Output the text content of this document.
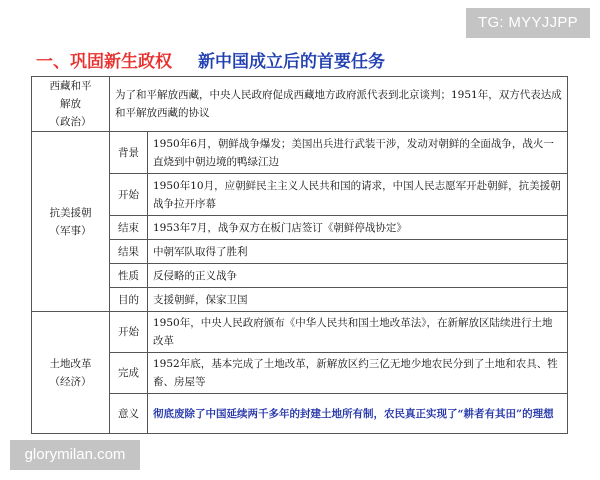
TG: MYYJJPP
一、巩固新生政权 新中国成立后的首要任务
西藏和平
解放
（政治）	为了和平解放西藏，中央人民政府促成西藏地方政府派代表到北京谈判；1951年，双方代表达成和平解放西藏的协议	

抗美援朝
（军事）	背景	1950年6月，朝鲜战争爆发；美国出兵进行武装干涉，发动对朝鲜的全面战争，战火一直烧到中朝边境的鸭绿江边

	开始	1950年10月，应朝鲜民主主义人民共和国的请求，中国人民志愿军开赴朝鲜，抗美援朝战争拉开序幕

	结束	1953年7月，战争双方在板门店签订《朝鲜停战协定》

	结果	中朝军队取得了胜利

	性质	反侵略的正义战争

	目的	支援朝鲜，保家卫国

土地改革
（经济）	开始	1950年，中央人民政府颁布《中华人民共和国土地改革法》，在新解放区陆续进行土地改革

	完成	1952年底，基本完成了土地改革，新解放区约三亿无地少地农民分到了土地和农具、牲畜、房屋等

	意义	彻底废除了中国延续两千多年的封建土地所有制，农民真正实现了“耕者有其田”的理想
glorymilan.com
